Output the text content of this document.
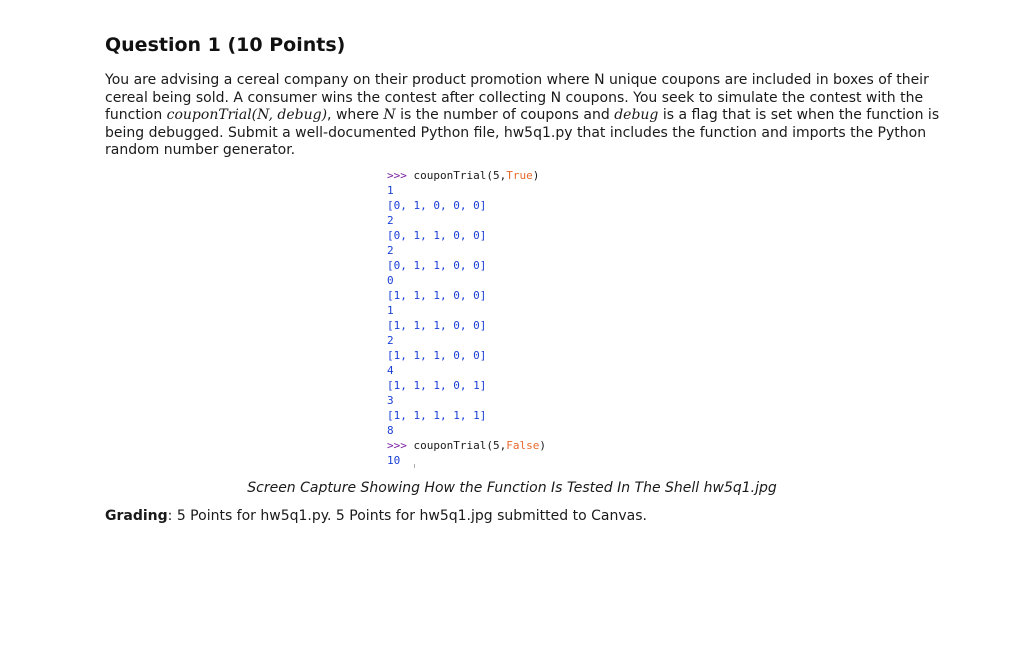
Question 1 (10 Points)
You are advising a cereal company on their product promotion where N unique coupons are included in boxes of their
cereal being sold. A consumer wins the contest after collecting N coupons. You seek to simulate the contest with the
function couponTrial(N, debug), where N is the number of coupons and debug is a flag that is set when the function is
being debugged. Submit a well-documented Python file, hw5q1.py that includes the function and imports the Python
random number generator.
>>> couponTrial(5,True)
1
[0, 1, 0, 0, 0]
2
[0, 1, 1, 0, 0]
2
[0, 1, 1, 0, 0]
0
[1, 1, 1, 0, 0]
1
[1, 1, 1, 0, 0]
2
[1, 1, 1, 0, 0]
4
[1, 1, 1, 0, 1]
3
[1, 1, 1, 1, 1]
8
>>> couponTrial(5,False)
10
Screen Capture Showing How the Function Is Tested In The Shell hw5q1.jpg
Grading: 5 Points for hw5q1.py. 5 Points for hw5q1.jpg submitted to Canvas.
